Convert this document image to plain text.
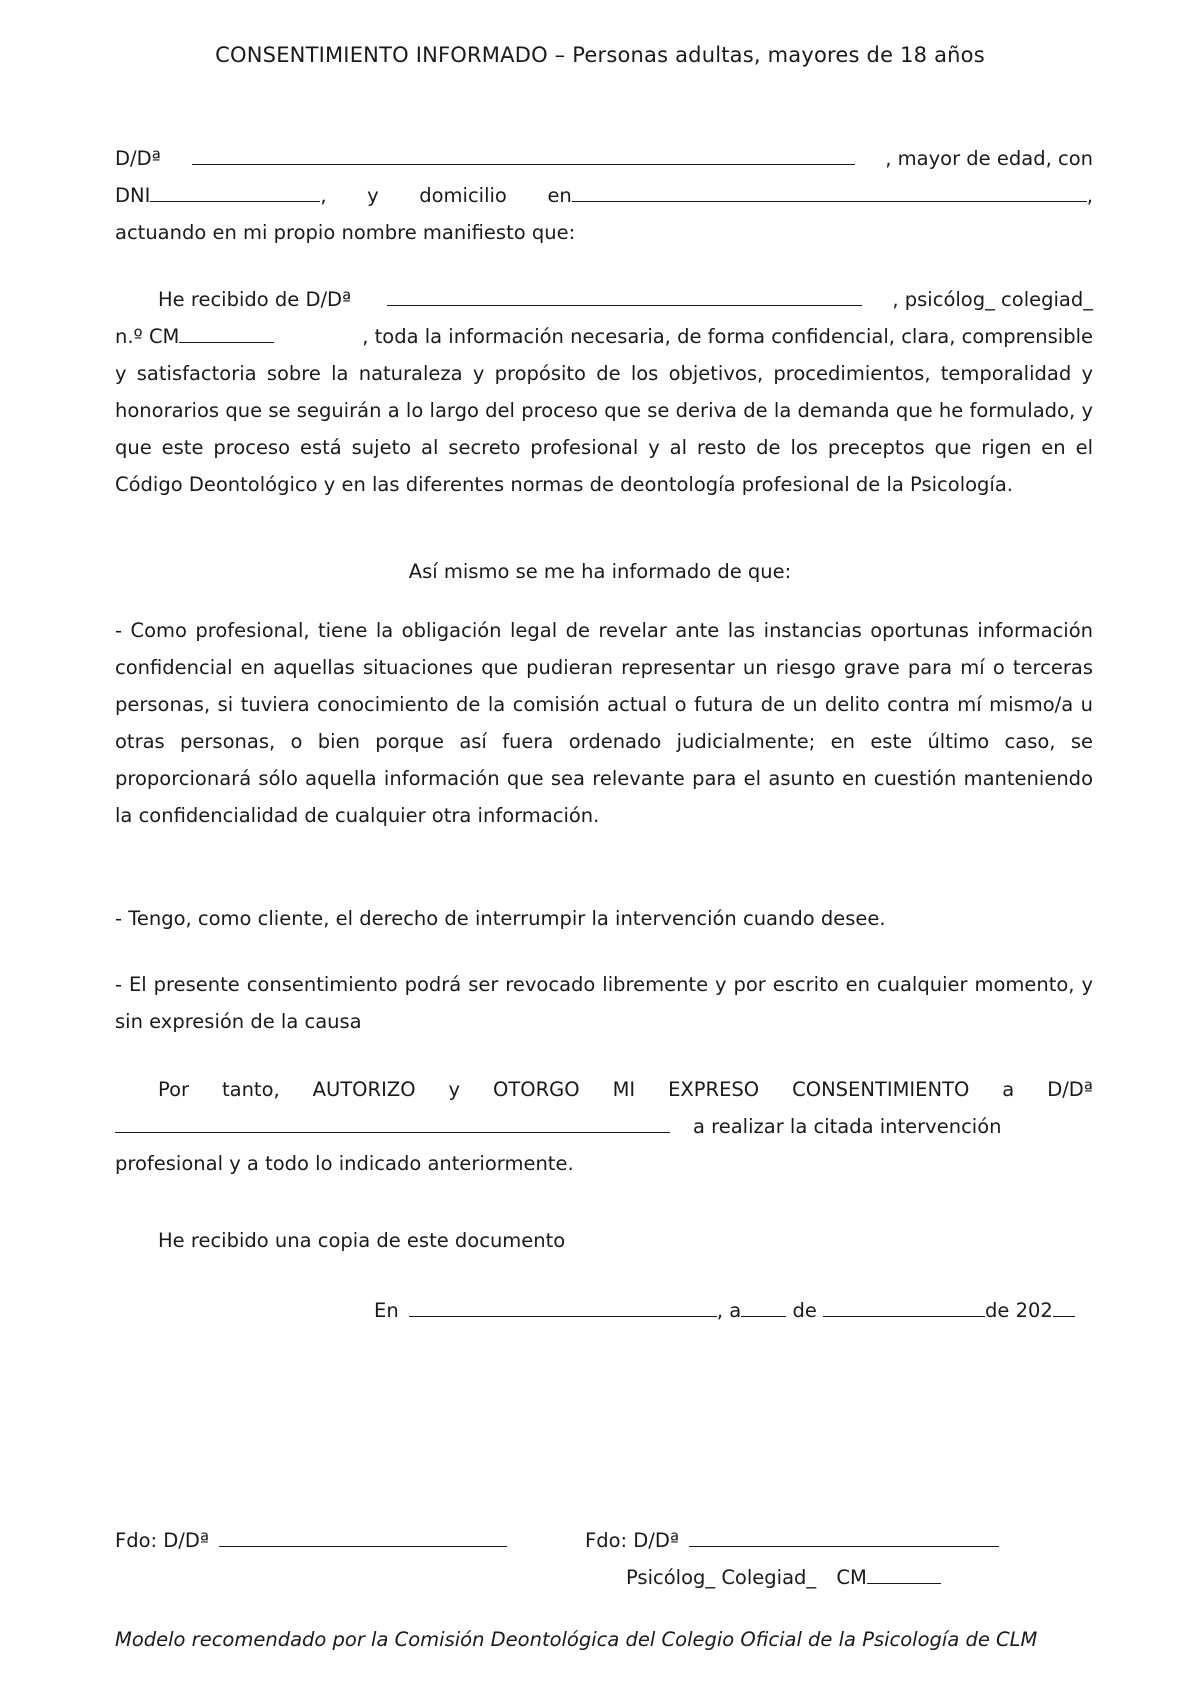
CONSENTIMIENTO INFORMADO – Personas adultas, mayores de 18 años
D/Dª	, mayor de edad, con
DNI	, y domicilio en	,
actuando en mi propio nombre manifiesto que:
He recibido de D/Dª	, psicólog_ colegiad_
n.º CM	, toda la información necesaria, de forma confidencial, clara, comprensible

y satisfactoria sobre la naturaleza y propósito de los objetivos, procedimientos, temporalidad y honorarios que se seguirán a lo largo del proceso que se deriva de la demanda que he formulado, y que este proceso está sujeto al secreto profesional y al resto de los preceptos que rigen en el Código Deontológico y en las diferentes normas de deontología profesional de la Psicología.

Así mismo se me ha informado de que:

- Como profesional, tiene la obligación legal de revelar ante las instancias oportunas información confidencial en aquellas situaciones que pudieran representar un riesgo grave para mí o terceras personas, si tuviera conocimiento de la comisión actual o futura de un delito contra mí mismo/a u otras personas, o bien porque así fuera ordenado judicialmente; en este último caso, se proporcionará sólo aquella información que sea relevante para el asunto en cuestión manteniendo la confidencialidad de cualquier otra información.

- Tengo, como cliente, el derecho de interrumpir la intervención cuando desee.

- El presente consentimiento podrá ser revocado libremente y por escrito en cualquier momento, y sin expresión de la causa

Por tanto, AUTORIZO y OTORGO MI EXPRESO CONSENTIMIENTO a D/Dª
a realizar la citada intervención
profesional y a todo lo indicado anteriormente.
He recibido una copia de este documento
En	, a	de	de 202
Fdo: D/Dª	Fdo: D/Dª
Psicólog_ Colegiad_ CM
Modelo recomendado por la Comisión Deontológica del Colegio Oficial de la Psicología de CLM
